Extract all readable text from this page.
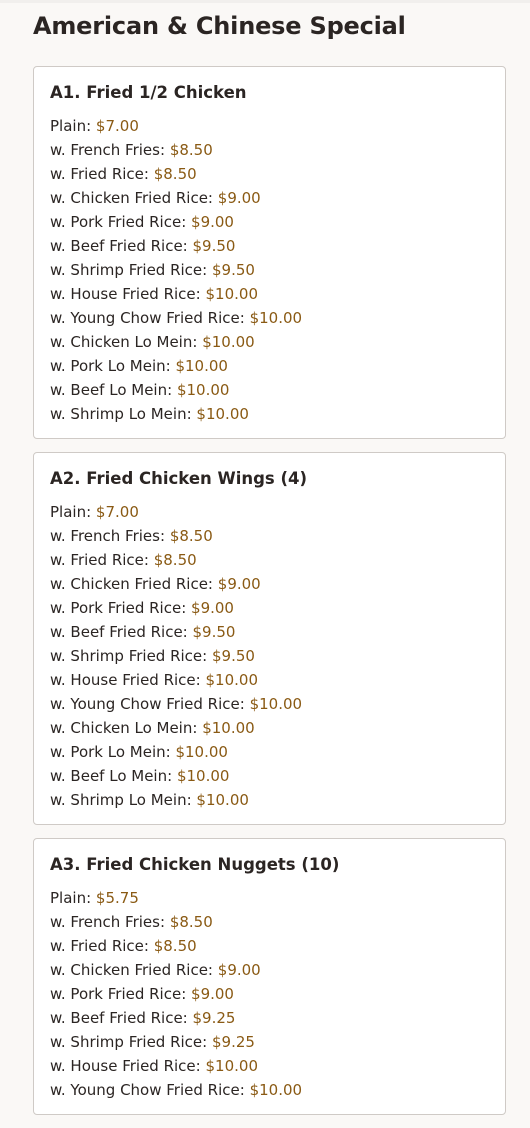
American & Chinese Special
A1. Fried 1/2 Chicken
Plain: $7.00
w. French Fries: $8.50
w. Fried Rice: $8.50
w. Chicken Fried Rice: $9.00
w. Pork Fried Rice: $9.00
w. Beef Fried Rice: $9.50
w. Shrimp Fried Rice: $9.50
w. House Fried Rice: $10.00
w. Young Chow Fried Rice: $10.00
w. Chicken Lo Mein: $10.00
w. Pork Lo Mein: $10.00
w. Beef Lo Mein: $10.00
w. Shrimp Lo Mein: $10.00
A2. Fried Chicken Wings (4)
Plain: $7.00
w. French Fries: $8.50
w. Fried Rice: $8.50
w. Chicken Fried Rice: $9.00
w. Pork Fried Rice: $9.00
w. Beef Fried Rice: $9.50
w. Shrimp Fried Rice: $9.50
w. House Fried Rice: $10.00
w. Young Chow Fried Rice: $10.00
w. Chicken Lo Mein: $10.00
w. Pork Lo Mein: $10.00
w. Beef Lo Mein: $10.00
w. Shrimp Lo Mein: $10.00
A3. Fried Chicken Nuggets (10)
Plain: $5.75
w. French Fries: $8.50
w. Fried Rice: $8.50
w. Chicken Fried Rice: $9.00
w. Pork Fried Rice: $9.00
w. Beef Fried Rice: $9.25
w. Shrimp Fried Rice: $9.25
w. House Fried Rice: $10.00
w. Young Chow Fried Rice: $10.00
